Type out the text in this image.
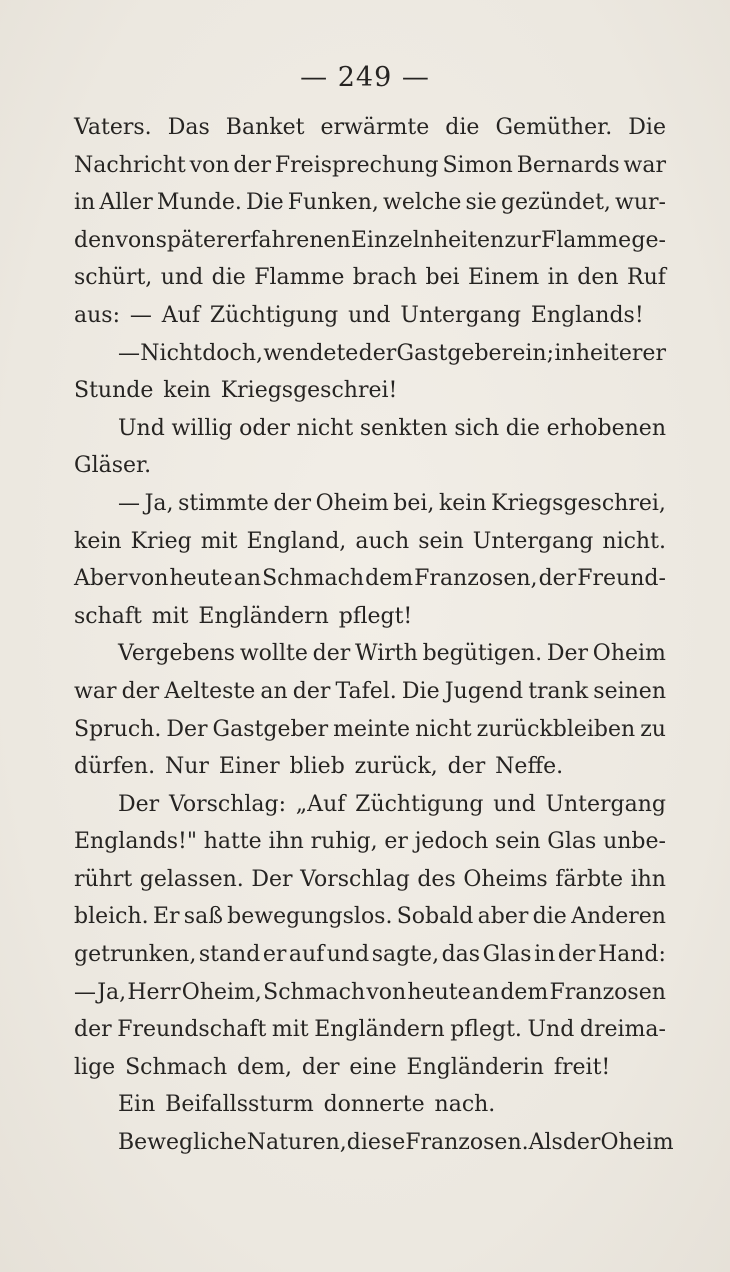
— 249 —
Vaters. Das Banket erwärmte die Gemüther. Die
Nachricht von der Freisprechung Simon Bernards war
in Aller Munde. Die Funken, welche sie gezündet, wur-
den von später erfahrenen Einzelnheiten zur Flamme ge-
schürt, und die Flamme brach bei Einem in den Ruf
aus: — Auf Züchtigung und Untergang Englands!
— Nicht doch, wendete der Gastgeber ein; in heiterer
Stunde kein Kriegsgeschrei!
Und willig oder nicht senkten sich die erhobenen
Gläser.
— Ja, stimmte der Oheim bei, kein Kriegsgeschrei,
kein Krieg mit England, auch sein Untergang nicht.
Aber von heute an Schmach dem Franzosen, der Freund-
schaft mit Engländern pflegt!
Vergebens wollte der Wirth begütigen. Der Oheim
war der Aelteste an der Tafel. Die Jugend trank seinen
Spruch. Der Gastgeber meinte nicht zurückbleiben zu
dürfen. Nur Einer blieb zurück, der Neffe.
Der Vorschlag: „Auf Züchtigung und Untergang
Englands!" hatte ihn ruhig, er jedoch sein Glas unbe-
rührt gelassen. Der Vorschlag des Oheims färbte ihn
bleich. Er saß bewegungslos. Sobald aber die Anderen
getrunken, stand er auf und sagte, das Glas in der Hand:
— Ja, Herr Oheim, Schmach von heute an dem Franzosen
der Freundschaft mit Engländern pflegt. Und dreima-
lige Schmach dem, der eine Engländerin freit!
Ein Beifallssturm donnerte nach.
Bewegliche Naturen, diese Franzosen. Als der Oheim
